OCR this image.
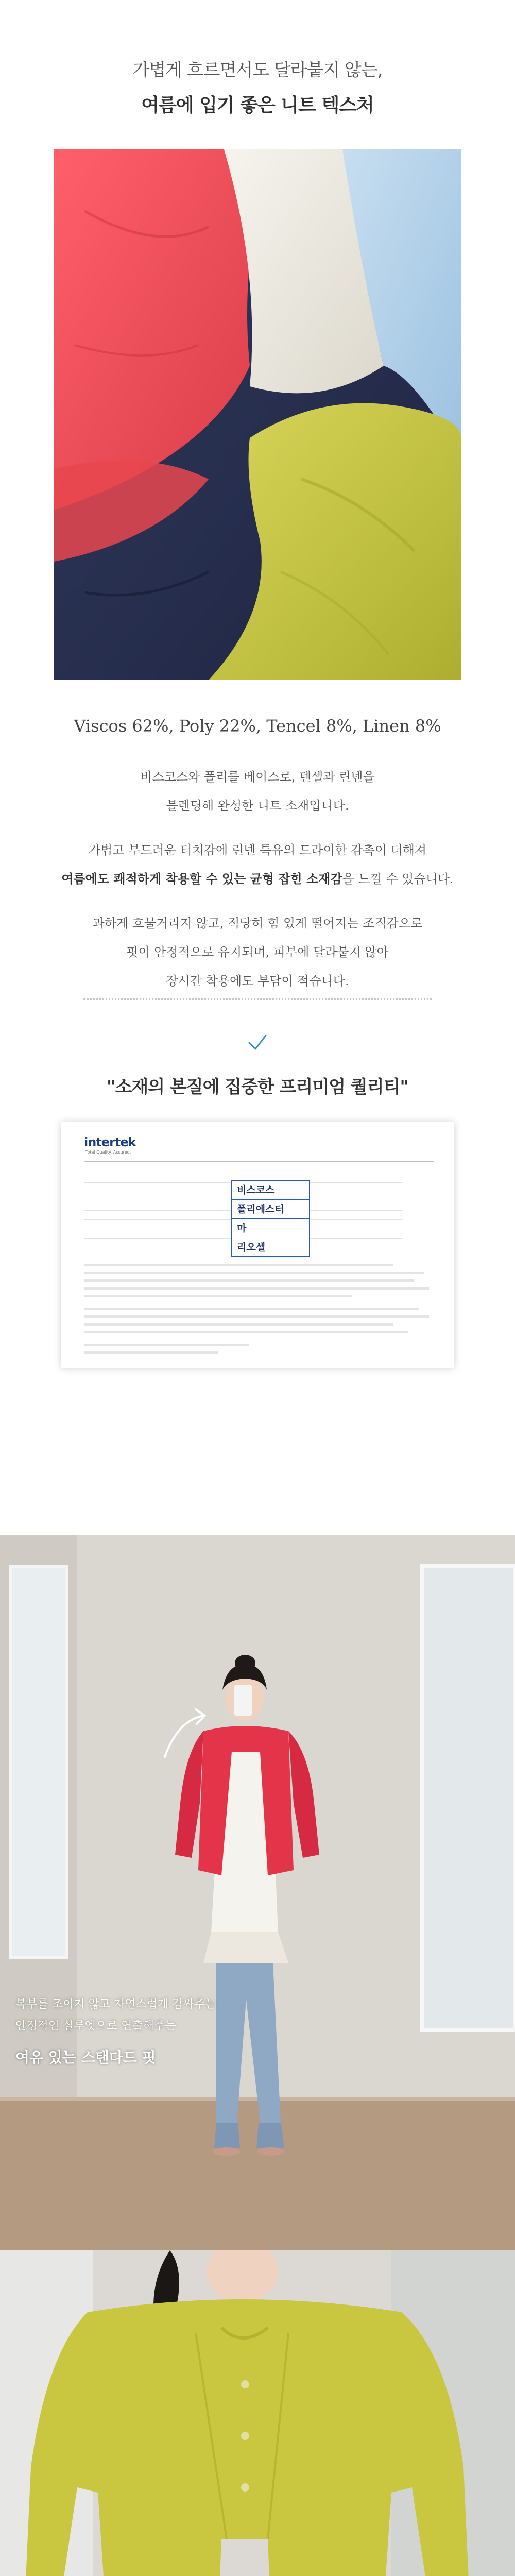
가볍게 흐르면서도 달라붙지 않는,
여름에 입기 좋은 니트 텍스처
Viscos 62%, Poly 22%, Tencel 8%, Linen 8%
비스코스와 폴리를 베이스로, 텐셀과 린넨을
블렌딩해 완성한 니트 소재입니다.
가볍고 부드러운 터치감에 린넨 특유의 드라이한 감촉이 더해져
여름에도 쾌적하게 착용할 수 있는 균형 잡힌 소재감을 느낄 수 있습니다.
과하게 흐물거리지 않고, 적당히 힘 있게 떨어지는 조직감으로
핏이 안정적으로 유지되며, 피부에 달라붙지 않아
장시간 착용에도 부담이 적습니다.
"소재의 본질에 집중한 프리미엄 퀄리티"
intertek
Total Quality. Assured.
비스코스
폴리에스터
마
리오셀
복부를 조이지 않고 자연스럽게 감싸주는
안정적인 실루엣으로 연출해주는
여유 있는 스탠다드 핏
